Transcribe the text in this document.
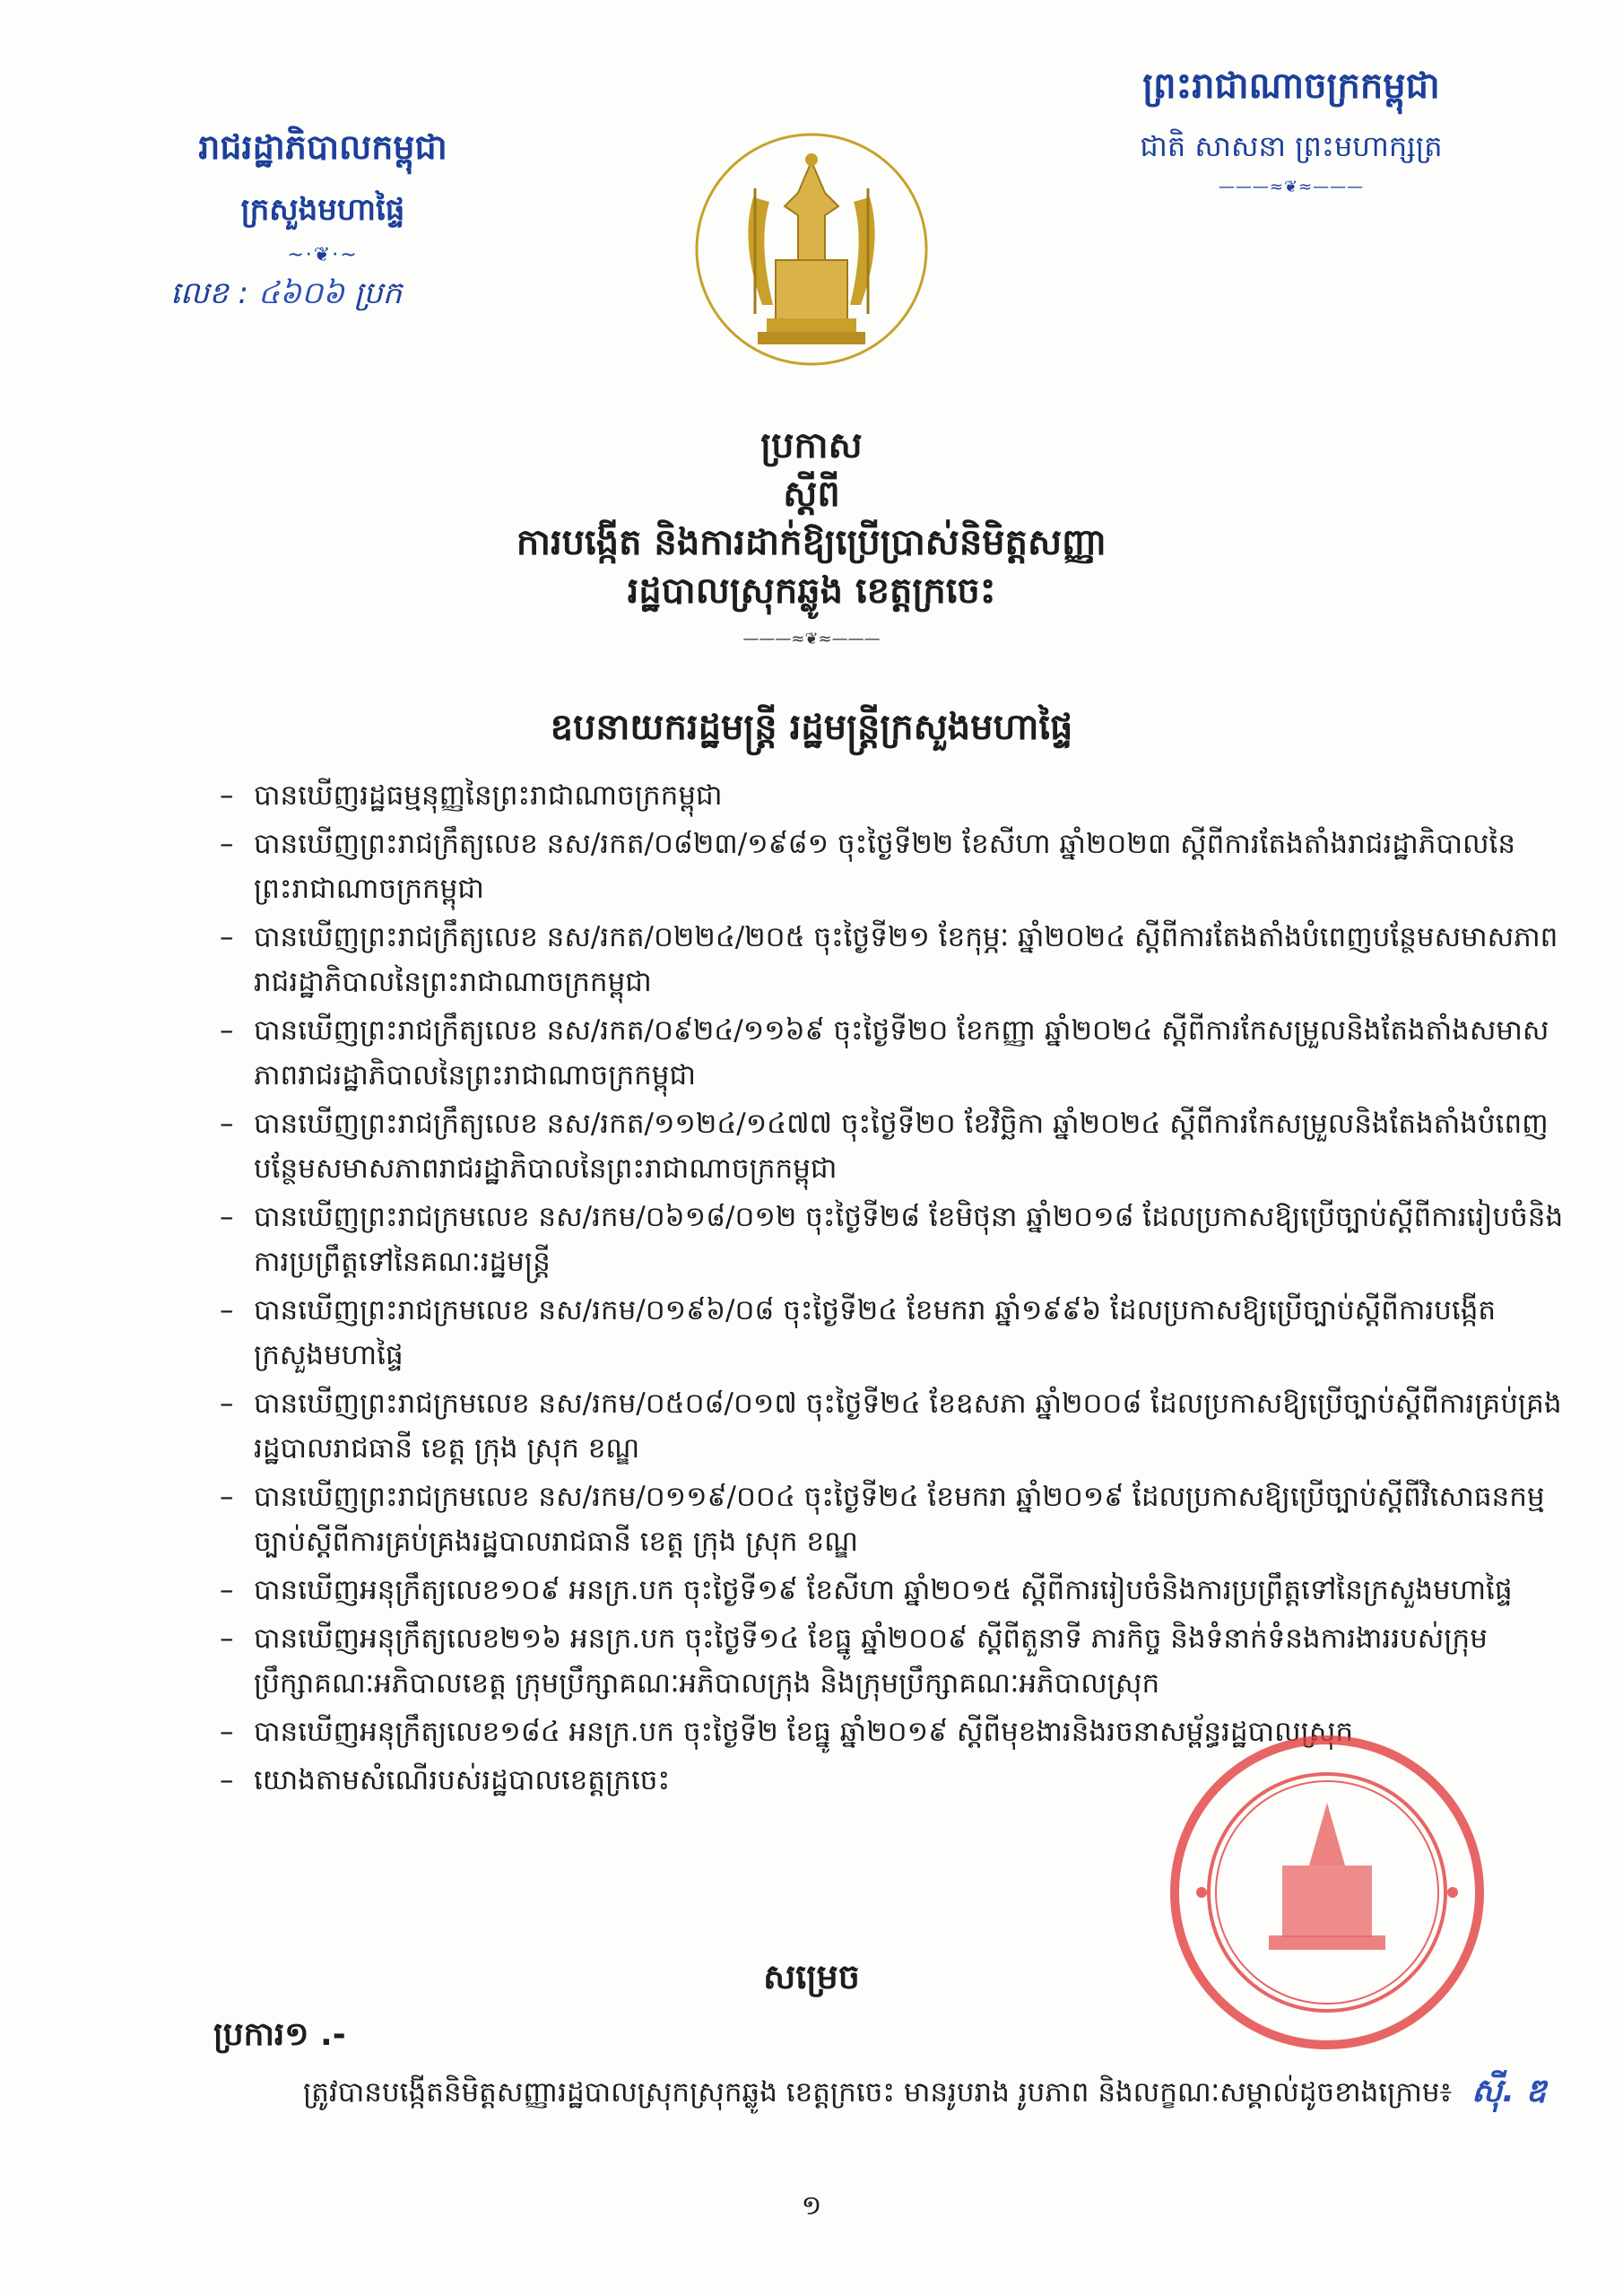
រាជរដ្ឋាភិបាលកម្ពុជា
ក្រសួងមហាផ្ទៃ
~·❦·~
លេខ : ៤៦០៦ ប្រក
ព្រះរាជាណាចក្រកម្ពុជា
ជាតិ សាសនា ព្រះមហាក្សត្រ
———≈❦≈———
ប្រកាស
ស្ដីពី
ការបង្កើត និងការដាក់ឱ្យប្រើប្រាស់និមិត្តសញ្ញា
រដ្ឋបាលស្រុកឆ្លូង ខេត្តក្រចេះ
———≈❦≈———
ឧបនាយករដ្ឋមន្ត្រី រដ្ឋមន្ត្រីក្រសួងមហាផ្ទៃ
– បានឃើញរដ្ឋធម្មនុញ្ញនៃព្រះរាជាណាចក្រកម្ពុជា
– បានឃើញព្រះរាជក្រឹត្យលេខ នស/រកត/០៨២៣/១៩៨១ ចុះថ្ងៃទី២២ ខែសីហា ឆ្នាំ២០២៣ ស្តីពីការតែងតាំងរាជរដ្ឋាភិបាលនៃព្រះរាជាណាចក្រកម្ពុជា
– បានឃើញព្រះរាជក្រឹត្យលេខ នស/រកត/០២២៤/២០៥ ចុះថ្ងៃទី២១ ខែកុម្ភៈ ឆ្នាំ២០២៤ ស្តីពីការតែងតាំងបំពេញបន្ថែមសមាសភាពរាជរដ្ឋាភិបាលនៃព្រះរាជាណាចក្រកម្ពុជា
– បានឃើញព្រះរាជក្រឹត្យលេខ នស/រកត/០៩២៤/១១៦៩ ចុះថ្ងៃទី២០ ខែកញ្ញា ឆ្នាំ២០២៤ ស្តីពីការកែសម្រួលនិងតែងតាំងសមាសភាពរាជរដ្ឋាភិបាលនៃព្រះរាជាណាចក្រកម្ពុជា
– បានឃើញព្រះរាជក្រឹត្យលេខ នស/រកត/១១២៤/១៤៧៧ ចុះថ្ងៃទី២០ ខែវិច្ឆិកា ឆ្នាំ២០២៤ ស្តីពីការកែសម្រួលនិងតែងតាំងបំពេញបន្ថែមសមាសភាពរាជរដ្ឋាភិបាលនៃព្រះរាជាណាចក្រកម្ពុជា
– បានឃើញព្រះរាជក្រមលេខ នស/រកម/០៦១៨/០១២ ចុះថ្ងៃទី២៨ ខែមិថុនា ឆ្នាំ២០១៨ ដែលប្រកាសឱ្យប្រើច្បាប់ស្តីពីការរៀបចំនិងការប្រព្រឹត្តទៅនៃគណៈរដ្ឋមន្ត្រី
– បានឃើញព្រះរាជក្រមលេខ នស/រកម/០១៩៦/០៨ ចុះថ្ងៃទី២៤ ខែមករា ឆ្នាំ១៩៩៦ ដែលប្រកាសឱ្យប្រើច្បាប់ស្តីពីការបង្កើតក្រសួងមហាផ្ទៃ
– បានឃើញព្រះរាជក្រមលេខ នស/រកម/០៥០៨/០១៧ ចុះថ្ងៃទី២៤ ខែឧសភា ឆ្នាំ២០០៨ ដែលប្រកាសឱ្យប្រើច្បាប់ស្តីពីការគ្រប់គ្រងរដ្ឋបាលរាជធានី ខេត្ត ក្រុង ស្រុក ខណ្ឌ
– បានឃើញព្រះរាជក្រមលេខ នស/រកម/០១១៩/០០៤ ចុះថ្ងៃទី២៤ ខែមករា ឆ្នាំ២០១៩ ដែលប្រកាសឱ្យប្រើច្បាប់ស្តីពីវិសោធនកម្មច្បាប់ស្តីពីការគ្រប់គ្រងរដ្ឋបាលរាជធានី ខេត្ត ក្រុង ស្រុក ខណ្ឌ
– បានឃើញអនុក្រឹត្យលេខ១០៩ អនក្រ.បក ចុះថ្ងៃទី១៩ ខែសីហា ឆ្នាំ២០១៥ ស្តីពីការរៀបចំនិងការប្រព្រឹត្តទៅនៃក្រសួងមហាផ្ទៃ
– បានឃើញអនុក្រឹត្យលេខ២១៦ អនក្រ.បក ចុះថ្ងៃទី១៤ ខែធ្នូ ឆ្នាំ២០០៩ ស្តីពីតួនាទី ភារកិច្ច និងទំនាក់ទំនងការងាររបស់ក្រុមប្រឹក្សាគណៈអភិបាលខេត្ត ក្រុមប្រឹក្សាគណៈអភិបាលក្រុង និងក្រុមប្រឹក្សាគណៈអភិបាលស្រុក
– បានឃើញអនុក្រឹត្យលេខ១៨៤ អនក្រ.បក ចុះថ្ងៃទី២ ខែធ្នូ ឆ្នាំ២០១៩ ស្តីពីមុខងារនិងរចនាសម្ព័ន្ធរដ្ឋបាលស្រុក
– យោងតាមសំណើរបស់រដ្ឋបាលខេត្តក្រចេះ
សម្រេច
ប្រការ១ .-
ត្រូវបានបង្កើតនិមិត្តសញ្ញារដ្ឋបាលស្រុកស្រុកឆ្លូង ខេត្តក្រចេះ មានរូបរាង រូបភាព និងលក្ខណៈសម្គាល់ដូចខាងក្រោម៖ ស៊ី. ឌ
១
